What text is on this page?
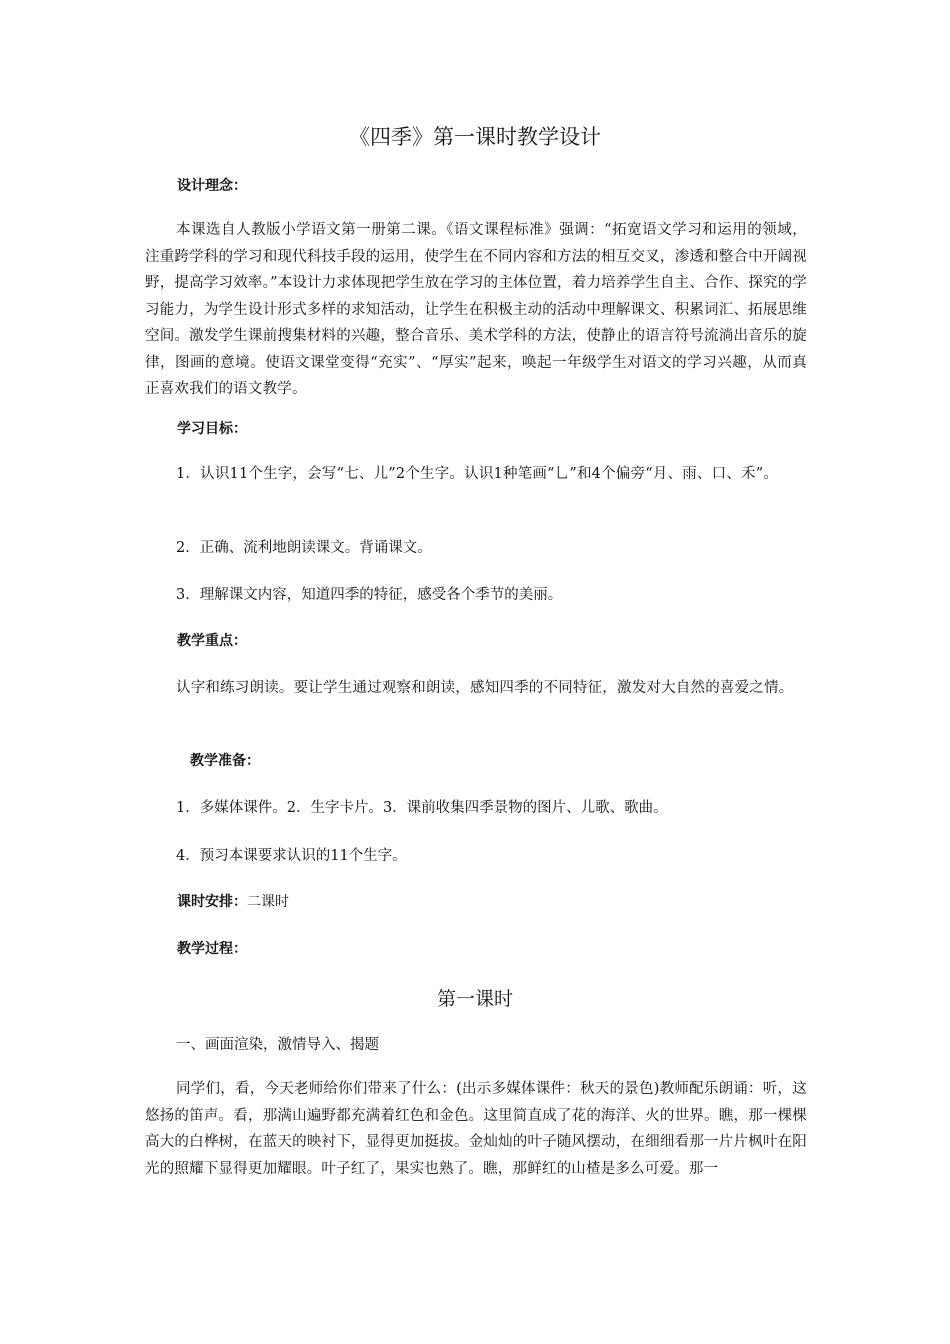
《四季》第一课时教学设计
设计理念：
本课选自人教版小学语文第一册第二课。《语文课程标准》强调：“拓宽语文学习和运用的领域，注重跨学科的学习和现代科技手段的运用，使学生在不同内容和方法的相互交叉，渗透和整合中开阔视野，提高学习效率。”本设计力求体现把学生放在学习的主体位置，着力培养学生自主、合作、探究的学习能力，为学生设计形式多样的求知活动，让学生在积极主动的活动中理解课文、积累词汇、拓展思维空间。激发学生课前搜集材料的兴趣，整合音乐、美术学科的方法，使静止的语言符号流淌出音乐的旋律，图画的意境。使语文课堂变得“充实”、“厚实”起来，唤起一年级学生对语文的学习兴趣，从而真正喜欢我们的语文教学。
学习目标：
1．认识11个生字，会写“七、儿”2个生字。认识1种笔画“乚”和4个偏旁“月、雨、口、禾”。
2．正确、流利地朗读课文。背诵课文。
3．理解课文内容，知道四季的特征，感受各个季节的美丽。
教学重点：
认字和练习朗读。要让学生通过观察和朗读，感知四季的不同特征，激发对大自然的喜爱之情。
教学准备：
1．多媒体课件。2．生字卡片。3．课前收集四季景物的图片、儿歌、歌曲。
4．预习本课要求认识的11个生字。
课时安排：二课时
教学过程：
第一课时
一、画面渲染，激情导入、揭题
同学们，看，今天老师给你们带来了什么：(出示多媒体课件：秋天的景色)教师配乐朗诵：听，这悠扬的笛声。看，那满山遍野都充满着红色和金色。这里简直成了花的海洋、火的世界。瞧，那一棵棵高大的白桦树，在蓝天的映衬下，显得更加挺拔。金灿灿的叶子随风摆动，在细细看那一片片枫叶在阳光的照耀下显得更加耀眼。叶子红了，果实也熟了。瞧，那鲜红的山楂是多么可爱。那一
